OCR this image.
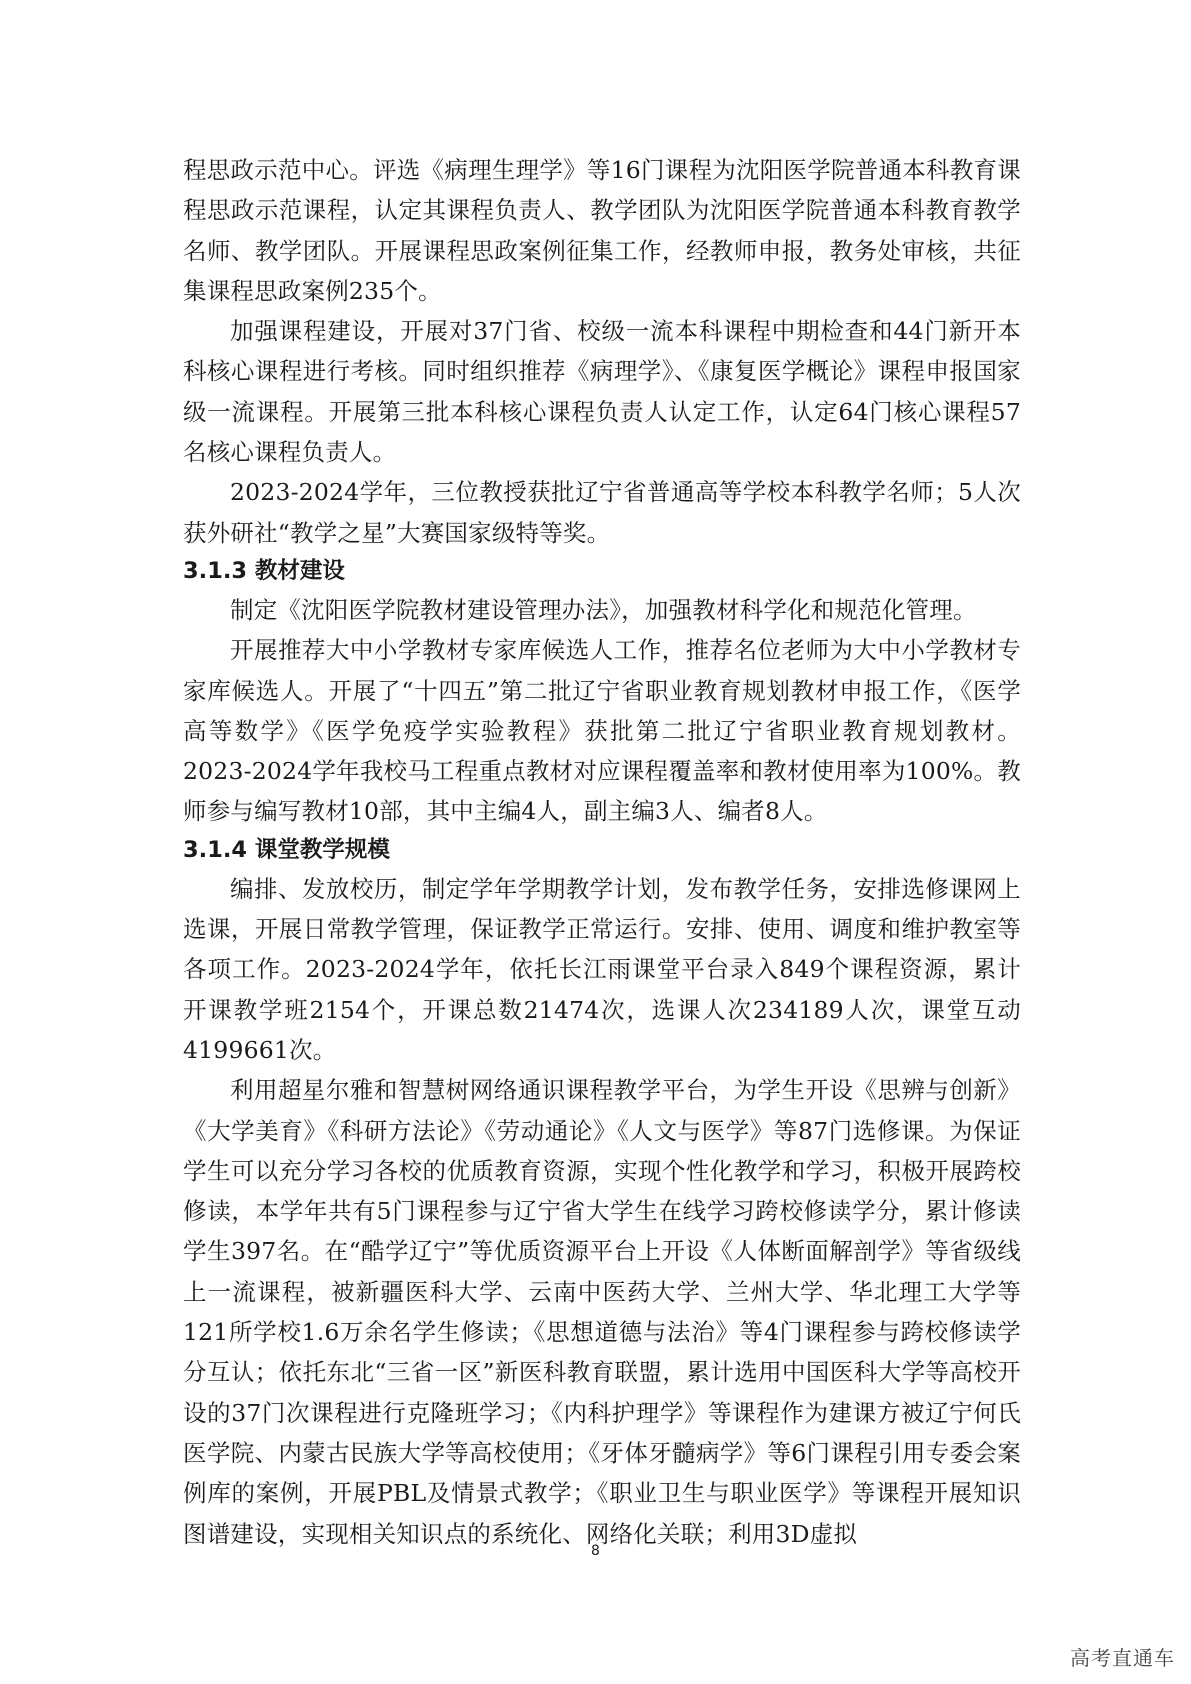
程思政示范中心。评选《病理生理学》等16门课程为沈阳医学院普通本科教育课程思政示范课程，认定其课程负责人、教学团队为沈阳医学院普通本科教育教学名师、教学团队。开展课程思政案例征集工作，经教师申报，教务处审核，共征集课程思政案例235个。

加强课程建设，开展对37门省、校级一流本科课程中期检查和44门新开本科核心课程进行考核。同时组织推荐《病理学》、《康复医学概论》课程申报国家级一流课程。开展第三批本科核心课程负责人认定工作，认定64门核心课程57名核心课程负责人。

2023-2024学年，三位教授获批辽宁省普通高等学校本科教学名师；5人次获外研社“教学之星”大赛国家级特等奖。

3.1.3 教材建设

制定《沈阳医学院教材建设管理办法》，加强教材科学化和规范化管理。

开展推荐大中小学教材专家库候选人工作，推荐名位老师为大中小学教材专家库候选人。开展了“十四五”第二批辽宁省职业教育规划教材申报工作，《医学高等数学》《医学免疫学实验教程》获批第二批辽宁省职业教育规划教材。2023-2024学年我校马工程重点教材对应课程覆盖率和教材使用率为100%。教师参与编写教材10部，其中主编4人，副主编3人、编者8人。

3.1.4 课堂教学规模

编排、发放校历，制定学年学期教学计划，发布教学任务，安排选修课网上选课，开展日常教学管理，保证教学正常运行。安排、使用、调度和维护教室等各项工作。2023-2024学年，依托长江雨课堂平台录入849个课程资源，累计开课教学班2154个，开课总数21474次，选课人次234189人次，课堂互动4199661次。

利用超星尔雅和智慧树网络通识课程教学平台，为学生开设《思辨与创新》《大学美育》《科研方法论》《劳动通论》《人文与医学》等87门选修课。为保证学生可以充分学习各校的优质教育资源，实现个性化教学和学习，积极开展跨校修读，本学年共有5门课程参与辽宁省大学生在线学习跨校修读学分，累计修读学生397名。在“酷学辽宁”等优质资源平台上开设《人体断面解剖学》等省级线上一流课程，被新疆医科大学、云南中医药大学、兰州大学、华北理工大学等121所学校1.6万余名学生修读；《思想道德与法治》等4门课程参与跨校修读学分互认；依托东北“三省一区”新医科教育联盟，累计选用中国医科大学等高校开设的37门次课程进行克隆班学习；《内科护理学》等课程作为建课方被辽宁何氏医学院、内蒙古民族大学等高校使用；《牙体牙髓病学》等6门课程引用专委会案例库的案例，开展PBL及情景式教学；《职业卫生与职业医学》等课程开展知识图谱建设，实现相关知识点的系统化、网络化关联；利用3D虚拟

8
高考直通车
